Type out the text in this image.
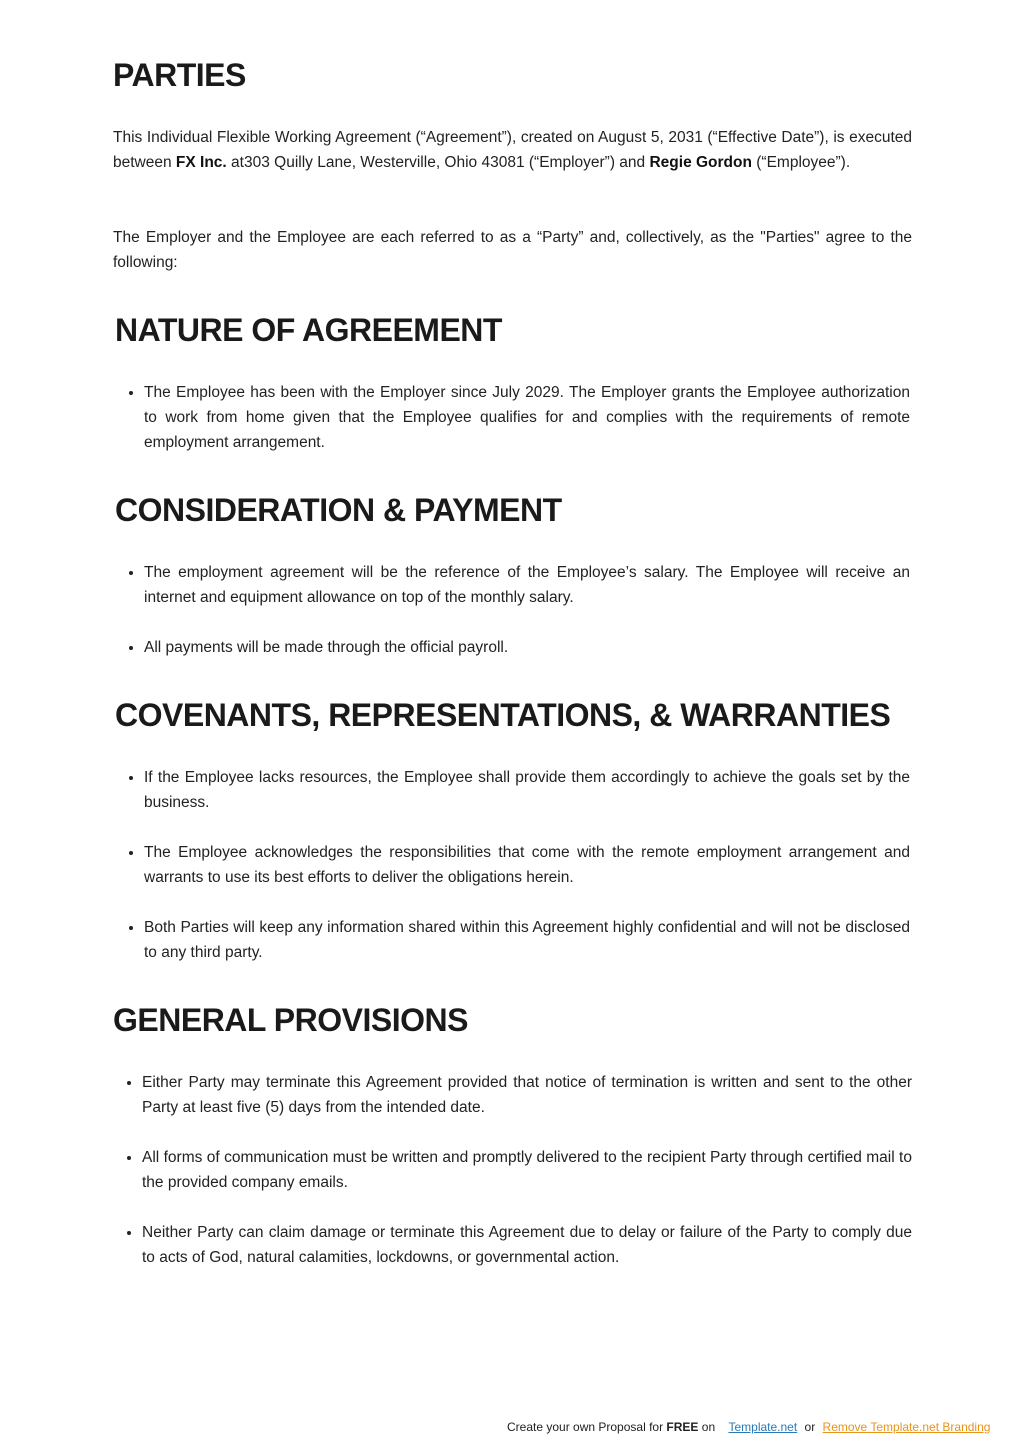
PARTIES

This Individual Flexible Working Agreement (“Agreement”), created on August 5, 2031 (“Effective Date”), is executed between FX Inc. at303 Quilly Lane, Westerville, Ohio 43081 (“Employer”) and Regie Gordon (“Employee”).

The Employer and the Employee are each referred to as a “Party” and, collectively, as the "Parties" agree to the following:

NATURE OF AGREEMENT
• The Employee has been with the Employer since July 2029. The Employer grants the Employee authorization to work from home given that the Employee qualifies for and complies with the requirements of remote employment arrangement.
CONSIDERATION & PAYMENT
• The employment agreement will be the reference of the Employee’s salary. The Employee will receive an internet and equipment allowance on top of the monthly salary.
• All payments will be made through the official payroll.
COVENANTS, REPRESENTATIONS, & WARRANTIES
• If the Employee lacks resources, the Employee shall provide them accordingly to achieve the goals set by the business.
• The Employee acknowledges the responsibilities that come with the remote employment arrangement and warrants to use its best efforts to deliver the obligations herein.
• Both Parties will keep any information shared within this Agreement highly confidential and will not be disclosed to any third party.
GENERAL PROVISIONS
• Either Party may terminate this Agreement provided that notice of termination is written and sent to the other Party at least five (5) days from the intended date.
• All forms of communication must be written and promptly delivered to the recipient Party through certified mail to the provided company emails.
• Neither Party can claim damage or terminate this Agreement due to delay or failure of the Party to comply due to acts of God, natural calamities, lockdowns, or governmental action.
Create your own Proposal for FREE on Template.net or Remove Template.net Branding
